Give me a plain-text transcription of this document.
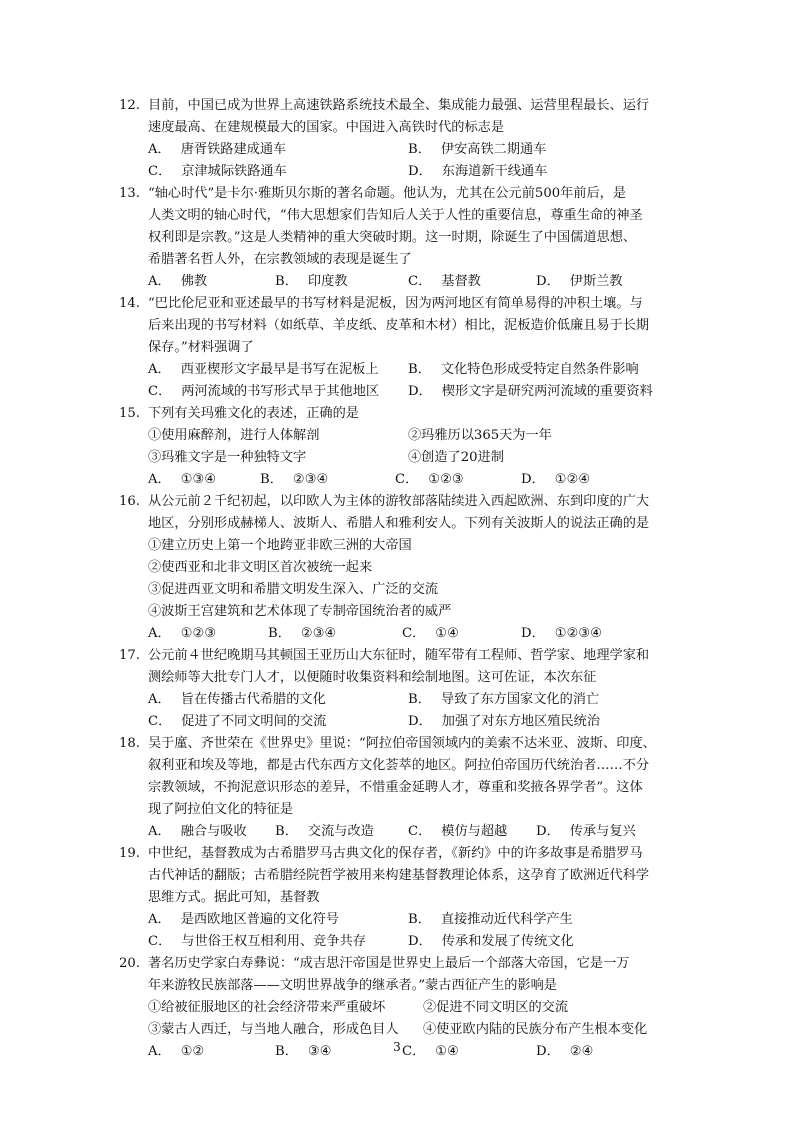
12. 目前，中国已成为世界上高速铁路系统技术最全、集成能力最强、运营里程最长、运行
速度最高、在建规模最大的国家。中国进入高铁时代的标志是
A． 唐胥铁路建成通车	B． 伊安高铁二期通车
C． 京津城际铁路通车	D． 东海道新干线通车
13. “轴心时代”是卡尔·雅斯贝尔斯的著名命题。他认为，尤其在公元前500年前后，是
人类文明的轴心时代，“伟大思想家们告知后人关于人性的重要信息，尊重生命的神圣
权利即是宗教。”这是人类精神的重大突破时期。这一时期，除诞生了中国儒道思想、
希腊著名哲人外，在宗教领域的表现是诞生了
A． 佛教	B． 印度教	C． 基督教	D． 伊斯兰教
14. “巴比伦尼亚和亚述最早的书写材料是泥板，因为两河地区有简单易得的冲积土壤。与
后来出现的书写材料（如纸草、羊皮纸、皮革和木材）相比，泥板造价低廉且易于长期
保存。”材料强调了
A． 西亚楔形文字最早是书写在泥板上 B． 文化特色形成受特定自然条件影响
C． 两河流域的书写形式早于其他地区 D． 楔形文字是研究两河流域的重要资料
15. 下列有关玛雅文化的表述，正确的是
①使用麻醉剂，进行人体解剖	②玛雅历以365天为一年
③玛雅文字是一种独特文字	④创造了20进制
A． ①③④	B． ②③④	C． ①②③	D． ①②④
16. 从公元前２千纪初起，以印欧人为主体的游牧部落陆续进入西起欧洲、东到印度的广大
地区，分别形成赫梯人、波斯人、希腊人和雅利安人。下列有关波斯人的说法正确的是
①建立历史上第一个地跨亚非欧三洲的大帝国
②使西亚和北非文明区首次被统一起来
③促进西亚文明和希腊文明发生深入、广泛的交流
④波斯王宫建筑和艺术体现了专制帝国统治者的威严
A． ①②③	B． ②③④	C． ①④	D． ①②③④
17. 公元前４世纪晚期马其顿国王亚历山大东征时，随军带有工程师、哲学家、地理学家和
测绘师等大批专门人才，以便随时收集资料和绘制地图。这可佐证，本次东征
A． 旨在传播古代希腊的文化	B． 导致了东方国家文化的消亡
C． 促进了不同文明间的交流	D． 加强了对东方地区殖民统治
18. 吴于廑、齐世荣在《世界史》里说：“阿拉伯帝国领域内的美索不达米亚、波斯、印度、
叙利亚和埃及等地，都是古代东西方文化荟萃的地区。阿拉伯帝国历代统治者……不分
宗教领域，不拘泥意识形态的差异，不惜重金延聘人才，尊重和奖掖各界学者”。这体
现了阿拉伯文化的特征是
A． 融合与吸收 B． 交流与改造	C． 模仿与超越 D． 传承与复兴
19. 中世纪，基督教成为古希腊罗马古典文化的保存者，《新约》中的许多故事是希腊罗马
古代神话的翻版；古希腊经院哲学被用来构建基督教理论体系，这孕育了欧洲近代科学
思维方式。据此可知，基督教
A． 是西欧地区普遍的文化符号	B． 直接推动近代科学产生
C． 与世俗王权互相利用、竞争共存	D． 传承和发展了传统文化
20. 著名历史学家白寿彝说：“成吉思汗帝国是世界史上最后一个部落大帝国，它是一万
年来游牧民族部落——文明世界战争的继承者。”蒙古西征产生的影响是
①给被征服地区的社会经济带来严重破坏	②促进不同文明区的交流
③蒙古人西迁，与当地人融合，形成色目人 ④使亚欧内陆的民族分布产生根本变化
A． ①②	B． ③④	C． ①④	D． ②④
3
